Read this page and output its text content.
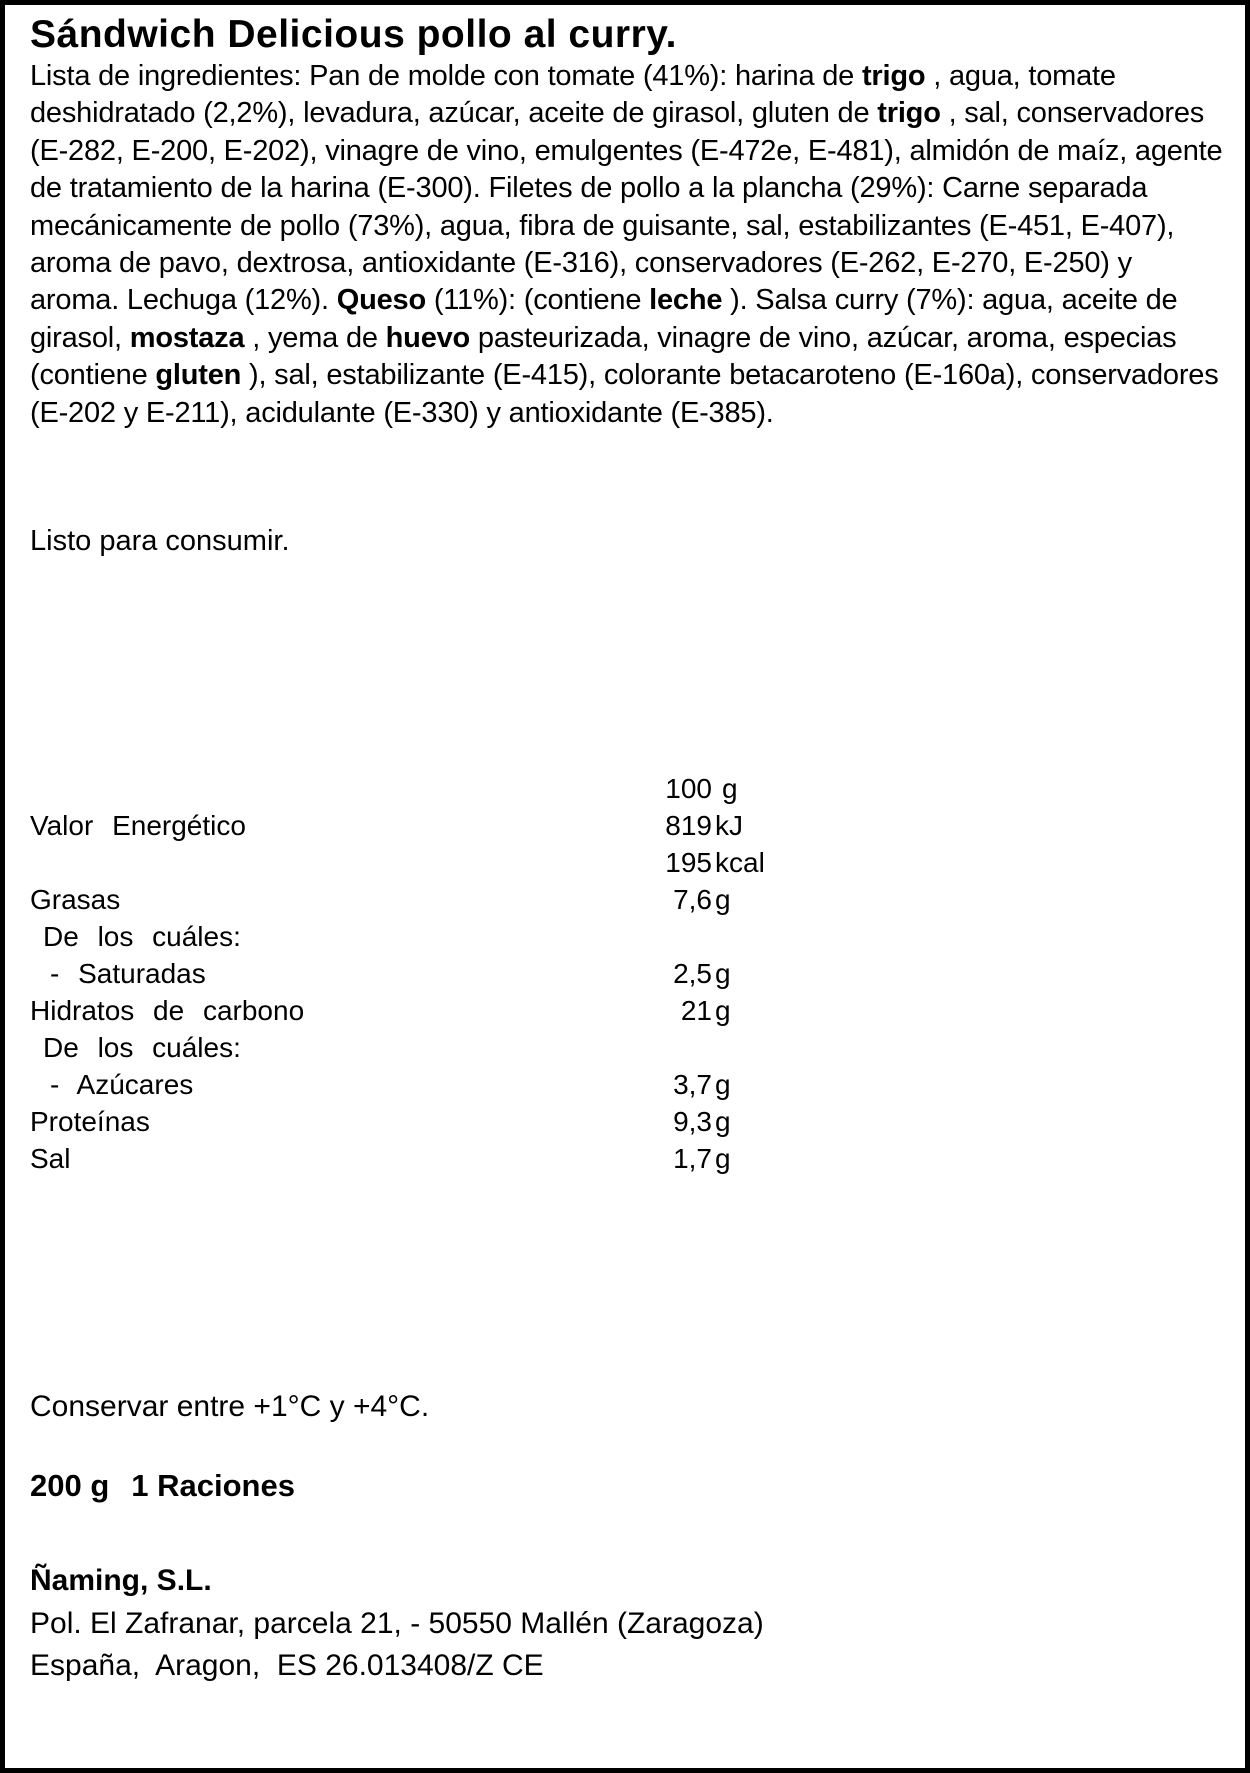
Sándwich Delicious pollo al curry.
Lista de ingredientes: Pan de molde con tomate (41%): harina de trigo , agua, tomate deshidratado (2,2%), levadura, azúcar, aceite de girasol, gluten de trigo , sal, conservadores (E-282, E-200, E-202), vinagre de vino, emulgentes (E-472e, E-481), almidón de maíz, agente de tratamiento de la harina (E-300). Filetes de pollo a la plancha (29%): Carne separada mecánicamente de pollo (73%), agua, fibra de guisante, sal, estabilizantes (E-451, E-407), aroma de pavo, dextrosa, antioxidante (E-316), conservadores (E-262, E-270, E-250) y aroma. Lechuga (12%). Queso (11%): (contiene leche ). Salsa curry (7%): agua, aceite de girasol, mostaza , yema de huevo pasteurizada, vinagre de vino, azúcar, aroma, especias (contiene gluten ), sal, estabilizante (E-415), colorante betacaroteno (E-160a), conservadores (E-202 y E-211), acidulante (E-330) y antioxidante (E-385).
Listo para consumir.
100 g
Valor Energético	819 kJ
195 kcal
Grasas	7,6 g
De los cuáles:
- Saturadas	2,5 g
Hidratos de carbono	21 g
De los cuáles:
- Azúcares	3,7 g
Proteínas	9,3 g
Sal	1,7 g
Conservar entre +1°C y +4°C.
200 g 1 Raciones
Ñaming, S.L.
Pol. El Zafranar, parcela 21, - 50550 Mallén (Zaragoza)
España,  Aragon,  ES 26.013408/Z CE
